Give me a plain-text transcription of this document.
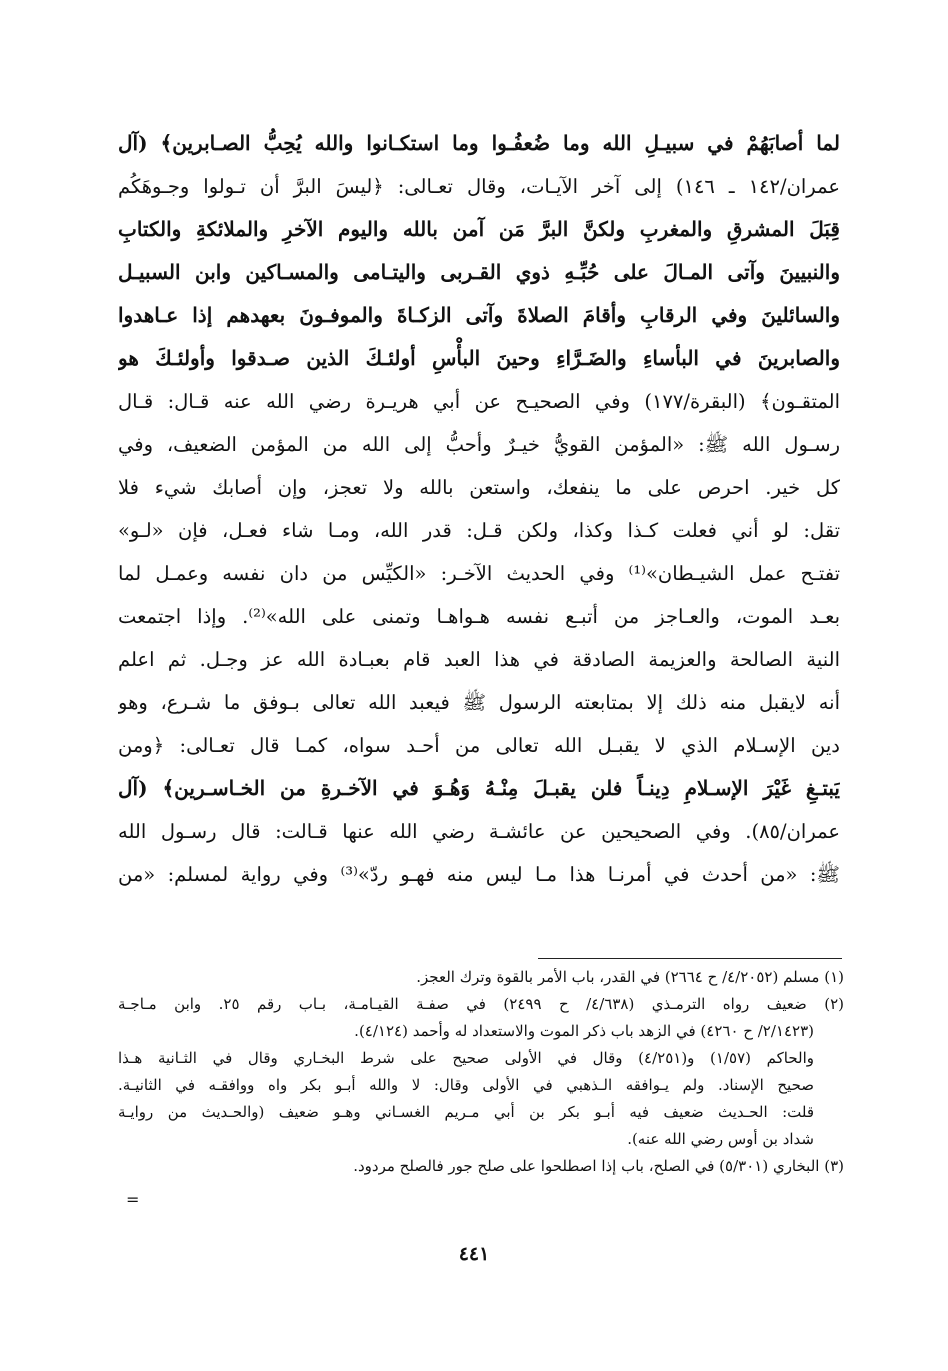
لما أصابَهُمْ في سبيـلِ الله وما ضُعفُـوا وما استكـانوا والله يُحِبُّ الصـابرين﴾ (آل
عمران/١٤٢ ـ ١٤٦) إلى آخر الآيـات، وقال تعـالى: ﴿ليسَ البرَّ أن تـولوا وجـوهَكُم
قِبَلَ المشرقِ والمغربِ ولكنَّ البرَّ مَن آمن بالله واليوم الآخرِ والملائكةِ والكتابِ
والنبيينَ وآتى المـالَ على حُبِّـهِ ذوي القـربى واليتـامى والمسـاكين وابن السبيـل
والسائلينَ وفي الرقابِ وأقامَ الصلاةَ وآتى الزكـاةَ والموفـونَ بعهدهم إذا عـاهدوا
والصابرينَ في البأساءِ والضَـرَّاءِ وحينَ البأْسِ أولئـكَ الذين صـدقوا وأولئـكَ هو
المتقـون﴾ (البقرة/١٧٧) وفي الصحيـح عن أبي هريـرة رضي الله عنه قـال: قـال
رسـول الله ﷺ: «المؤمن القويُّ خيـرٌ وأحبُّ إلى الله من المؤمن الضعيف، وفي
كل خير. احرص على ما ينفعك، واستعن بالله ولا تعجز، وإن أصابك شيء فلا
تقل: لو أني فعلت كـذا وكذا، ولكن قـل: قدر الله، ومـا شاء فعـل، فإن «لـو»
تفتـح عمل الشيـطان»⁽¹⁾ وفي الحديث الآخـر: «الكيِّس من دان نفسه وعمـل لما
بعـد الموت، والعـاجز من أتبـع نفسه هـواهـا وتمنى على الله»⁽²⁾. وإذا اجتمعت
النية الصالحة والعزيمة الصادقة في هذا العبد قام بعبـادة الله عز وجـل. ثم اعلم
أنه لايقبل منه ذلك إلا بمتابعته الرسول ﷺ فيعبد الله تعالى بـوفق ما شـرع، وهو
دين الإسـلام الذي لا يقبـل الله تعالى من أحـد سواه، كمـا قال تعـالى: ﴿ومن
يَبتـغِ غَيْرَ الإسـلامِ دِينـاً فلن يقبـلَ مِنْـهُ وَهُـوَ في الآخـرةِ من الخـاسـرين﴾ (آل
عمران/٨٥). وفي الصحيحين عن عائشـة رضي الله عنها قـالت: قال رسـول الله
ﷺ: «من أحدث في أمرنـا هذا مـا ليس منه فهـو ردّ»⁽³⁾ وفي رواية لمسلم: «من
(١) مسلم (٤/٢٠٥٢/ ح ٢٦٦٤) في القدر، باب الأمر بالقوة وترك العجز.
(٢) ضعيف رواه الترمـذي (٤/٦٣٨/ ح ٢٤٩٩) في صفـة القيـامـة، بـاب رقم ٢٥. وابن مـاجـة
(٢/١٤٢٣/ ح ٤٢٦٠) في الزهد باب ذكر الموت والاستعداد له وأحمد (٤/١٢٤).
والحاكم (١/٥٧) و(٤/٢٥١) وقال في الأولى صحيح على شرط البخـاري وقال في الثـانية هـذا
صحيح الإسناد. ولم يـوافقه الـذهبي في الأولى وقال: لا والله أبـو بكر واه ووافقـه في الثانيـة.
قلت: الحـديث ضعيف فيه أبـو بكر بن أبي مـريم الغسـاني وهـو ضعيف (والحـديث من روايـة
شداد بن أوس رضي الله عنه).
(٣) البخاري (٥/٣٠١) في الصلح، باب إذا اصطلحوا على صلح جور فالصلح مردود.
=
٤٤١
